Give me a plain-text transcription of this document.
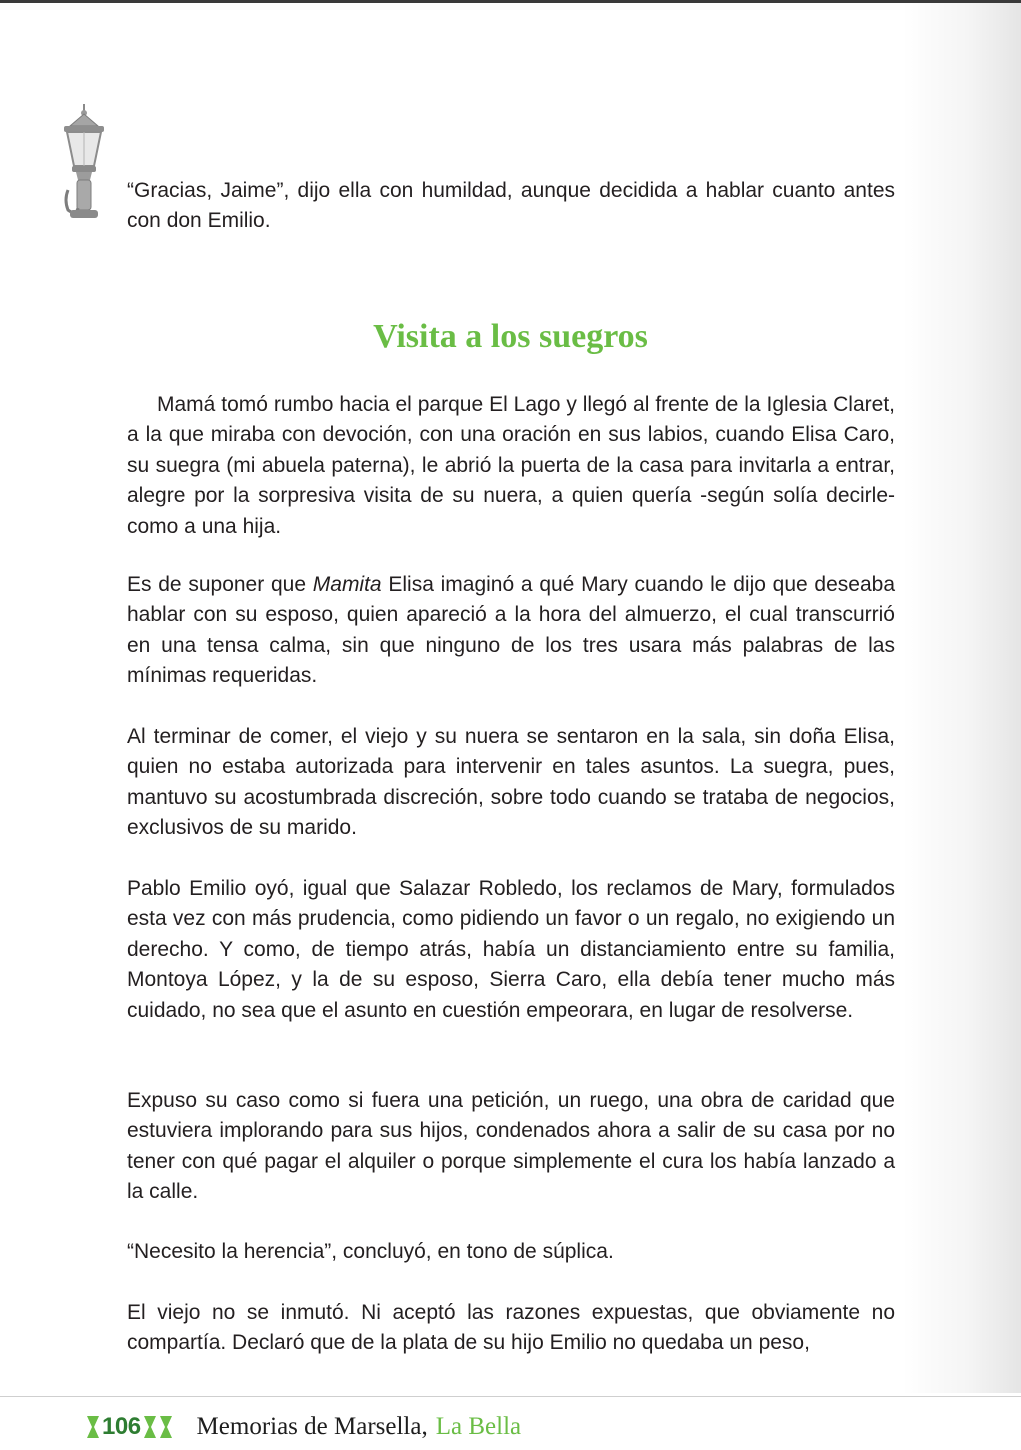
“Gracias, Jaime”, dijo ella con humildad, aunque decidida a hablar cuanto antes con don Emilio.

Visita a los suegros

Mamá tomó rumbo hacia el parque El Lago y llegó al frente de la Iglesia Claret, a la que miraba con devoción, con una oración en sus labios, cuando Elisa Caro, su suegra (mi abuela paterna), le abrió la puerta de la casa para invitarla a entrar, alegre por la sorpresiva visita de su nuera, a quien quería -según solía decirle- como a una hija.

Es de suponer que Mamita Elisa imaginó a qué Mary cuando le dijo que deseaba hablar con su esposo, quien apareció a la hora del almuerzo, el cual transcurrió en una tensa calma, sin que ninguno de los tres usara más palabras de las mínimas requeridas.

Al terminar de comer, el viejo y su nuera se sentaron en la sala, sin doña Elisa, quien no estaba autorizada para intervenir en tales asuntos. La suegra, pues, mantuvo su acostumbrada discreción, sobre todo cuando se trataba de negocios, exclusivos de su marido.

Pablo Emilio oyó, igual que Salazar Robledo, los reclamos de Mary, formulados esta vez con más prudencia, como pidiendo un favor o un regalo, no exigiendo un derecho. Y como, de tiempo atrás, había un distanciamiento entre su familia, Montoya López, y la de su esposo, Sierra Caro, ella debía tener mucho más cuidado, no sea que el asunto en cuestión empeorara, en lugar de resolverse.

Expuso su caso como si fuera una petición, un ruego, una obra de caridad que estuviera implorando para sus hijos, condenados ahora a salir de su casa por no tener con qué pagar el alquiler o porque simplemente el cura los había lanzado a la calle.

“Necesito la herencia”, concluyó, en tono de súplica.

El viejo no se inmutó. Ni aceptó las razones expuestas, que obviamente no compartía. Declaró que de la plata de su hijo Emilio no quedaba un peso,

106 Memorias de Marsella, La Bella
